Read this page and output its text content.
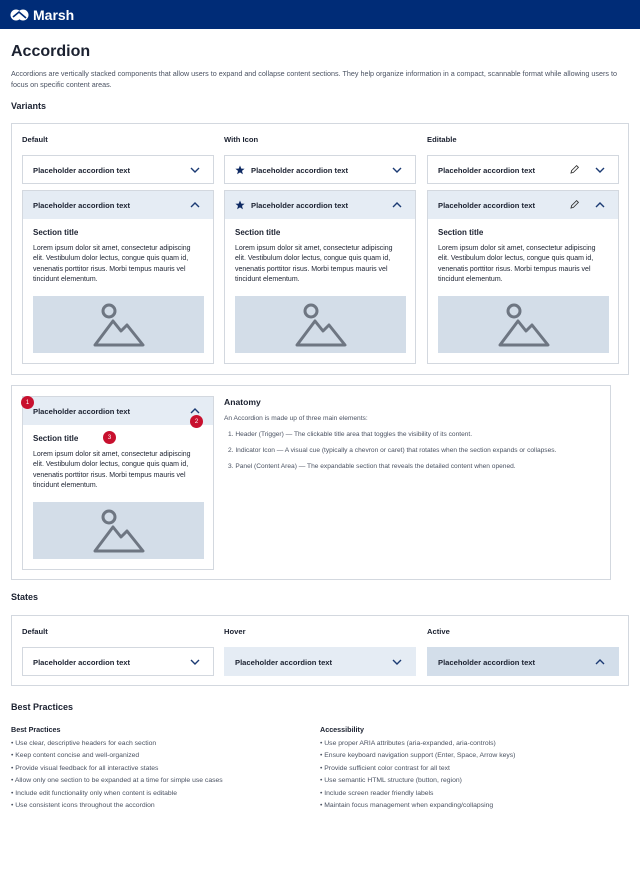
Marsh
Accordion
Accordions are vertically stacked components that allow users to expand and collapse content sections. They help organize information in a compact, scannable format while allowing users to focus on specific content areas.
Variants
Default	With Icon	Editable
Placeholder accordion text	Placeholder accordion text	Placeholder accordion text
Placeholder accordion text
Section title
Lorem ipsum dolor sit amet, consectetur adipiscing elit. Vestibulum dolor lectus, congue quis quam id, venenatis porttitor risus. Morbi tempus mauris vel tincidunt elementum.
Placeholder accordion text
Section title
Lorem ipsum dolor sit amet, consectetur adipiscing elit. Vestibulum dolor lectus, congue quis quam id, venenatis porttitor risus. Morbi tempus mauris vel tincidunt elementum.
Placeholder accordion text
Section title
Lorem ipsum dolor sit amet, consectetur adipiscing elit. Vestibulum dolor lectus, congue quis quam id, venenatis porttitor risus. Morbi tempus mauris vel tincidunt elementum.
Placeholder accordion text
Section title
Lorem ipsum dolor sit amet, consectetur adipiscing elit. Vestibulum dolor lectus, congue quis quam id, venenatis porttitor risus. Morbi tempus mauris vel tincidunt elementum.
1
2
3
Anatomy
An Accordion is made up of three main elements:
1. Header (Trigger) — The clickable title area that toggles the visibility of its content.
2. Indicator Icon — A visual cue (typically a chevron or caret) that rotates when the section expands or collapses.
3. Panel (Content Area) — The expandable section that reveals the detailed content when opened.
States
Default	Hover	Active
Placeholder accordion text	Placeholder accordion text	Placeholder accordion text
Best Practices
Best Practices	Accessibility
• Use clear, descriptive headers for each section
• Keep content concise and well-organized
• Provide visual feedback for all interactive states
• Allow only one section to be expanded at a time for simple use cases
• Include edit functionality only when content is editable
• Use consistent icons throughout the accordion
• Use proper ARIA attributes (aria-expanded, aria-controls)
• Ensure keyboard navigation support (Enter, Space, Arrow keys)
• Provide sufficient color contrast for all text
• Use semantic HTML structure (button, region)
• Include screen reader friendly labels
• Maintain focus management when expanding/collapsing
